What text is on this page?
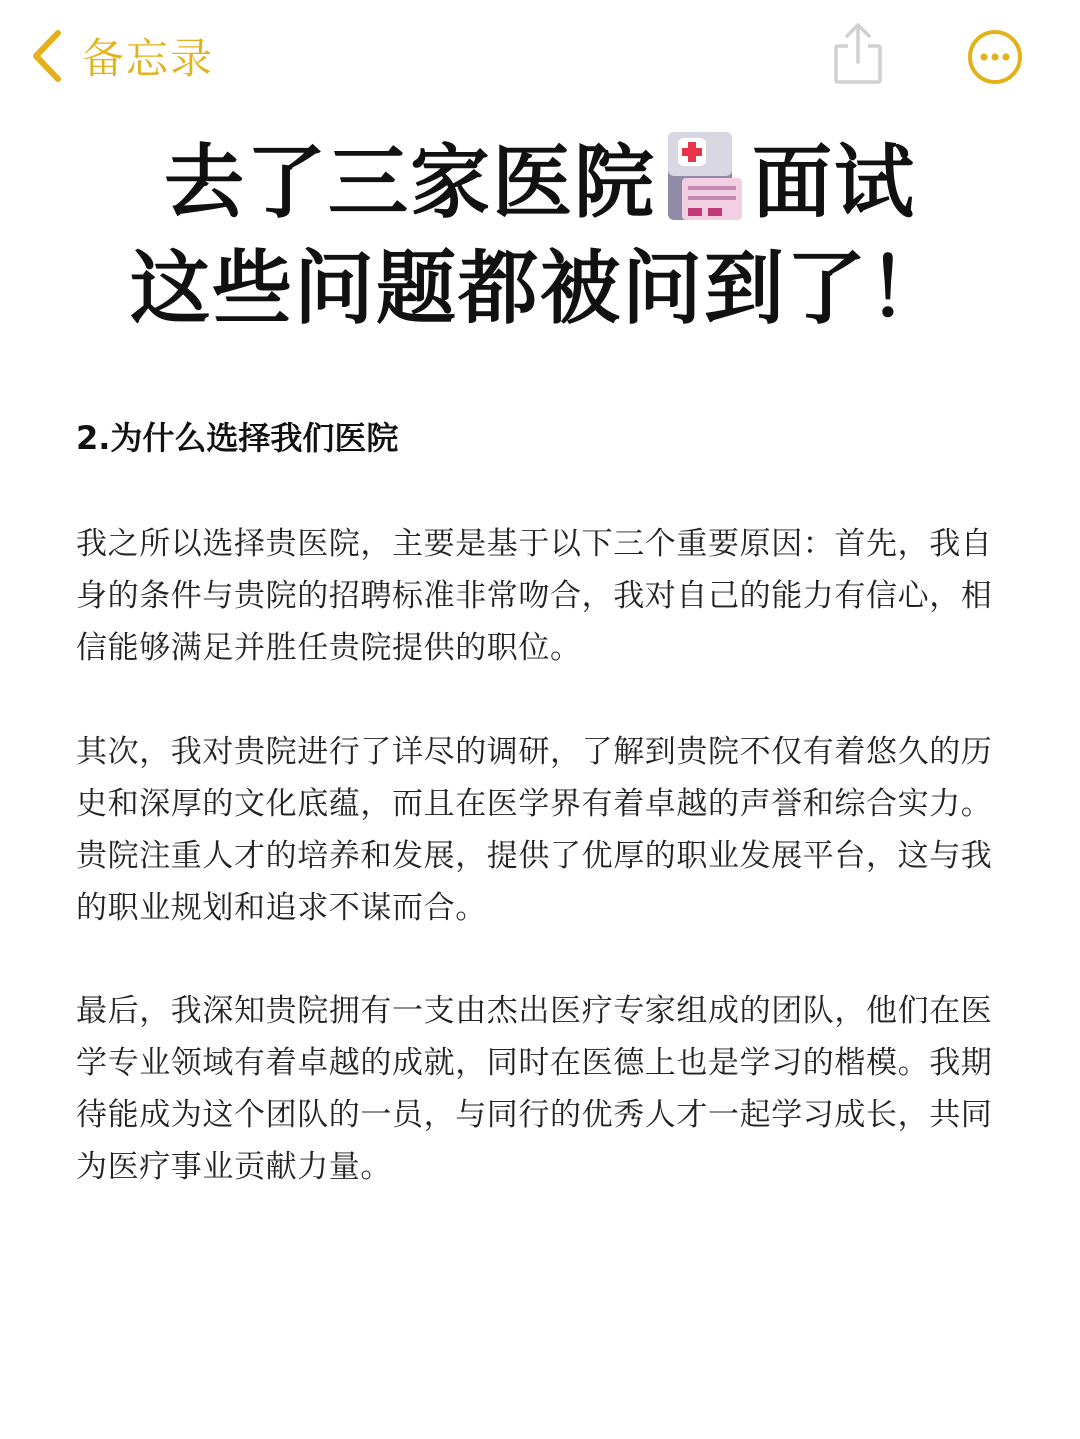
备忘录
去了三家医院 面试
这些问题都被问到了！
2.为什么选择我们医院
我之所以选择贵医院，主要是基于以下三个重要原因：首先，我自身的条件与贵院的招聘标准非常吻合，我对自己的能力有信心，相信能够满足并胜任贵院提供的职位。
其次，我对贵院进行了详尽的调研，了解到贵院不仅有着悠久的历史和深厚的文化底蕴，而且在医学界有着卓越的声誉和综合实力。贵院注重人才的培养和发展，提供了优厚的职业发展平台，这与我的职业规划和追求不谋而合。
最后，我深知贵院拥有一支由杰出医疗专家组成的团队，他们在医学专业领域有着卓越的成就，同时在医德上也是学习的楷模。我期待能成为这个团队的一员，与同行的优秀人才一起学习成长，共同为医疗事业贡献力量。
